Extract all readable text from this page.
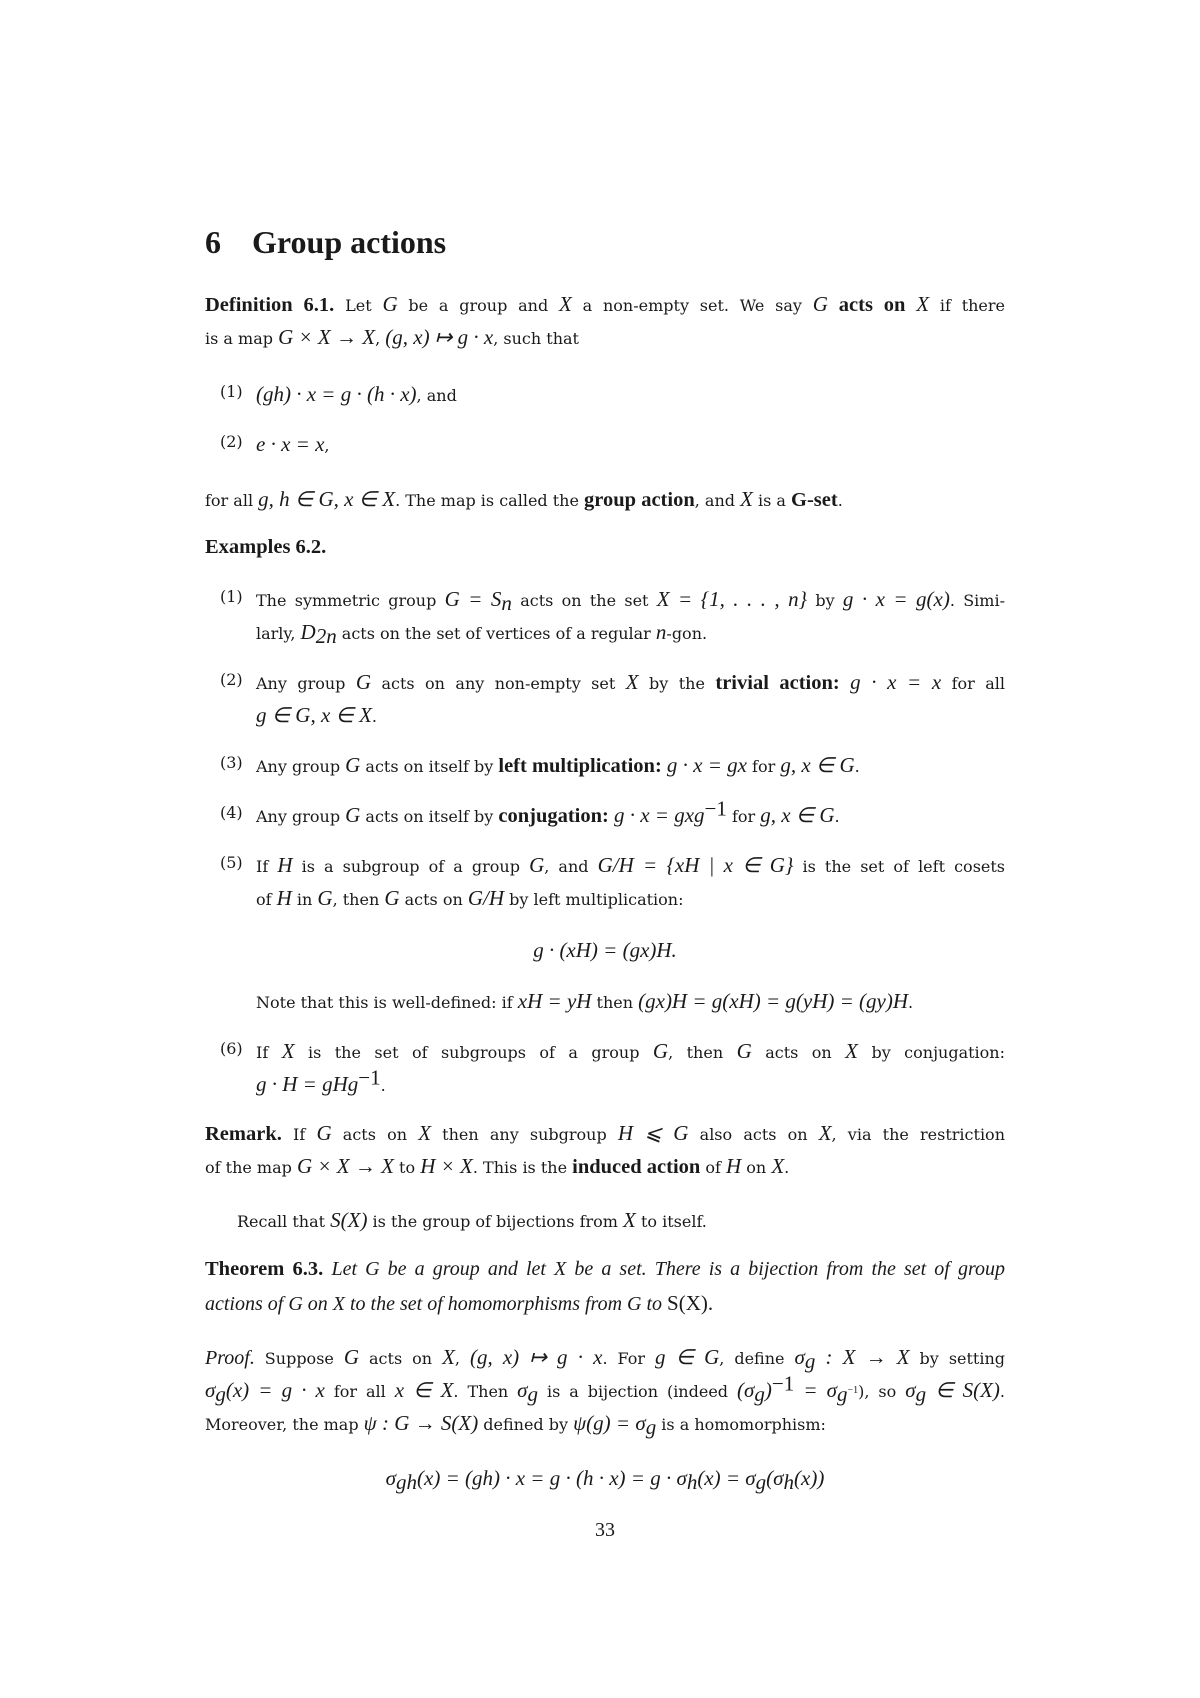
6 Group actions
Definition 6.1. Let G be a group and X a non-empty set. We say G acts on X if there
is a map G × X → X, (g, x) ↦ g · x, such that
(1) (gh) · x = g · (h · x), and
(2) e · x = x,
for all g, h ∈ G, x ∈ X. The map is called the group action, and X is a G-set.
Examples 6.2.
(1) The symmetric group $G = S_n$ acts on the set X = {1, . . . , n} by g · x = g(x). Simi-
larly, $D_{2n}$ acts on the set of vertices of a regular n-gon.
(2) Any group G acts on any non-empty set X by the trivial action: g · x = x for all
g ∈ G, x ∈ X.
(3) Any group G acts on itself by left multiplication: g · x = gx for g, x ∈ G.
(4) Any group G acts on itself by conjugation: g · x = gxg$^{-1}$ for g, x ∈ G.
(5) If H is a subgroup of a group G, and G/H = {xH | x ∈ G} is the set of left cosets
of H in G, then G acts on G/H by left multiplication:
g · (xH) = (gx)H.
Note that this is well-defined: if xH = yH then (gx)H = g(xH) = g(yH) = (gy)H.
(6) If X is the set of subgroups of a group G, then G acts on X by conjugation:
g · H = gHg$^{-1}$.
Remark. If G acts on X then any subgroup H ⩽ G also acts on X, via the restriction
of the map G × X → X to H × X. This is the induced action of H on X.
Recall that S(X) is the group of bijections from X to itself.
Theorem 6.3. Let G be a group and let X be a set. There is a bijection from the set of group
actions of G on X to the set of homomorphisms from G to S(X).
Proof. Suppose G acts on X, (g, x) ↦ g · x. For g ∈ G, define $\sigma_g$ : X → X by setting
$\sigma_g(x) = g \cdot x$ for all x ∈ X. Then $\sigma_g$ is a bijection (indeed $(\sigma_g)^{-1} = \sigma_{g^{-1}}$), so $\sigma_g$ ∈ S(X).
Moreover, the map ψ : G → S(X) defined by $\psi(g) = \sigma_g$ is a homomorphism:
$\sigma_{gh}(x) = (gh) \cdot x = g \cdot (h \cdot x) = g \cdot \sigma_h(x) = \sigma_g(\sigma_h(x))$
33
